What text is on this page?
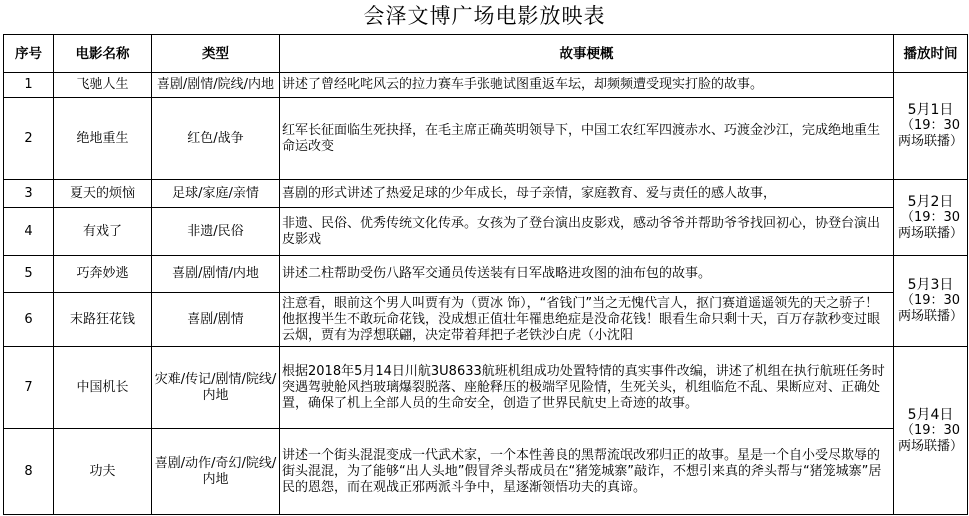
会泽文博广场电影放映表
序号	电影名称	类型	故事梗概	播放时间
1	飞驰人生	喜剧/剧情/院线/内地	讲述了曾经叱咤风云的拉力赛车手张驰试图重返车坛，却频频遭受现实打脸的故事。	5月1日
（19：30两场联播）

2	绝地重生	红色/战争	红军长征面临生死抉择，在毛主席正确英明领导下，中国工农红军四渡赤水、巧渡金沙江，完成绝地重生命运改变	
3	夏天的烦恼	足球/家庭/亲情	喜剧的形式讲述了热爱足球的少年成长，母子亲情，家庭教育、爱与责任的感人故事，	5月2日
（19：30两场联播）

4	有戏了	非遗/民俗	非遗、民俗、优秀传统文化传承。女孩为了登台演出皮影戏，感动爷爷并帮助爷爷找回初心，协登台演出皮影戏	
5	巧奔妙逃	喜剧/剧情/内地	讲述二柱帮助受伤八路军交通员传送装有日军战略进攻图的油布包的故事。	5月3日
（19：30两场联播）

6	末路狂花钱	喜剧/剧情	注意看，眼前这个男人叫贾有为（贾冰 饰），“省钱门”当之无愧代言人，抠门赛道遥遥领先的天之骄子！他抠搜半生不敢玩命花钱，没成想正值壮年罹患绝症是没命花钱！眼看生命只剩十天，百万存款秒变过眼云烟，贾有为浮想联翩，决定带着拜把子老铁沙白虎（小沈阳	

7	中国机长	灾难/传记/剧情/院线/内地	根据2018年5月14日川航3U8633航班机组成功处置特情的真实事件改编，讲述了机组在执行航班任务时突遇驾驶舱风挡玻璃爆裂脱落、座舱释压的极端罕见险情，生死关头，机组临危不乱、果断应对、正确处置，确保了机上全部人员的生命安全，创造了世界民航史上奇迹的故事。	5月4日
（19：30两场联播）

8	功夫	喜剧/动作/奇幻/院线/内地	讲述一个街头混混变成一代武术家，一个本性善良的黑帮流氓改邪归正的故事。星是一个自小受尽欺辱的街头混混，为了能够“出人头地”假冒斧头帮成员在“猪笼城寨”敲诈，不想引来真的斧头帮与“猪笼城寨”居民的恩怨，而在观战正邪两派斗争中，星逐渐领悟功夫的真谛。	
